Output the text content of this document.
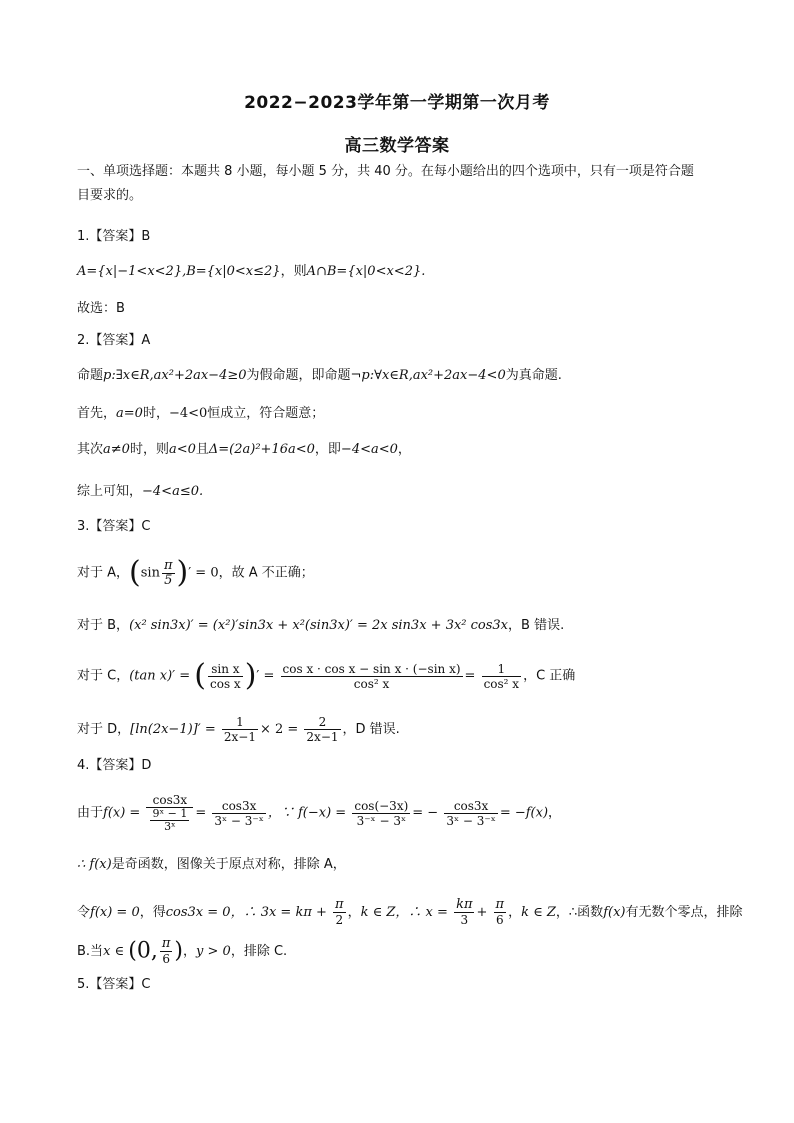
2022−2023学年第一学期第一次月考
高三数学答案
一、单项选择题：本题共 8 小题，每小题 5 分，共 40 分。在每小题给出的四个选项中，只有一项是符合题
目要求的。
1.【答案】B
A={x|−1<x<2},B={x|0<x≤2}，则A∩B={x|0<x<2}.
故选：B
2.【答案】A
命题p:∃x∈R,ax²+2ax−4≥0为假命题，即命题¬p:∀x∈R,ax²+2ax−4<0为真命题.
首先，a=0时，−4<0恒成立，符合题意；
其次a≠0时，则a<0且Δ=(2a)²+16a<0，即−4<a<0，
综上可知，−4<a≤0.
3.【答案】C
对于 A，($\sin \frac{\pi}{5}$ )′ = 0，故 A 不正确；
对于 B，(x² sin3x)′ = (x²)′sin3x + x²(sin3x)′ = 2x sin3x + 3x² cos3x，B 错误.
对于 C，(tan x)′ = ( $\frac{\text{sin x}}{\text{cos x}}$ )′ = $\frac{\text{cos x · cos x − sin x · (−sin x)}}{\text{cos² x}} = \frac{1}{\text{cos² x}}$ ，C 正确
对于 D，$[\ln(2x-1)]' = \frac{1}{2x-1} \times 2 = \frac{2}{2x-1}$ ，D 错误.
4.【答案】D
由于$f(x) = \frac{\cos 3x}{\frac{\text{9ˣ − 1}}{\text{3ˣ}}} = \frac{\cos 3x}{\text{3ˣ − 3⁻ˣ}}$ ，∵ $f(-x) = \frac{\cos(-3x)}{\text{3⁻ˣ − 3ˣ}}$ = − $\frac{\cos 3x}{\text{3ˣ − 3⁻ˣ}} = -f(x)$，
∴ f(x)是奇函数，图像关于原点对称，排除 A，
令f(x) = 0，得cos3x = 0，∴ $3x = k\pi + \frac{\pi}{2}$ ，k ∈ Z，∴ $x = \frac{k\pi}{3} + \frac{\pi}{6}$ ，k ∈ Z，∴函数f(x)有无数个零点，排除
B.当x ∈ (0, $\frac{\pi}{6}$ )，y > 0，排除 C.
5.【答案】C
